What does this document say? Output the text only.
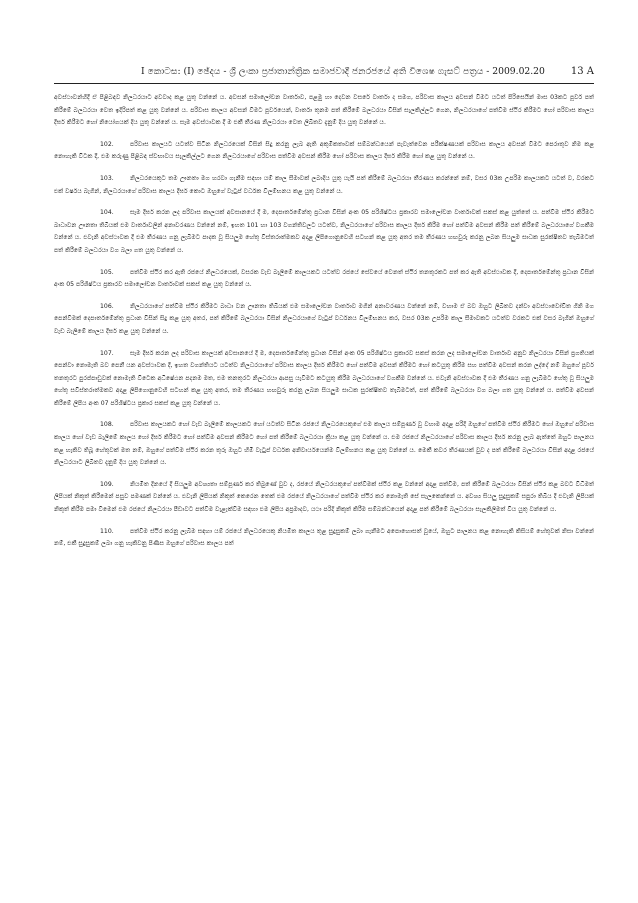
I කොටස: (I) ඡේදය - ශ්‍රී ලංකා ප්‍රජාතාන්ත්‍රික සමාජවාදී ජනරජයේ අති විශෙෂ ගැසට් පත්‍රය - 2009.02.20	13 A

අවස්ථාවන්හිදී ඒ පිළිබඳව නිලධරයාට අවවාද කළ යුතු වන්නේ ය. අවසන් සමාලෝචන වාර්තාව, පළමු හා දෙවන වසරේ වාර්තා ද සමග, පරිවාස කාලය අවසන් වීමට යටත් පිරිසෙයින් මාස 03කට පූර්ව පත් කිරීමේ බලධරයා වෙත ඉදිරිපත් කළ යුතු වන්නේ ය. පරිවාස කාලය අවසන් වීමට පූර්වයෙන්, වාර්තා තුනම පත් කිරීමේ බලධරයා විසින් සැලකිල්ලට ගෙන, නිලධරයාගේ පත්වීම ස්ථිර කිරීමට හෝ පරිවාස කාලය දීර්ඝ කිරීමට හෝ නියෝගයක් දිය යුතු වන්නේ ය. සෑම අවස්ථාවක දී ම එකී තීරණ නිලධරයා වෙත ලිඛිතව දැනුම් දිය යුතු වන්නේ ය.

102.	පරිවාස කාලයට යටත්ව සිටින නිලධරයෙක් විසින් සිදු කරනු ලැබ ඇති අකුමිකතාවක් සම්බන්ධයෙන් පැවැත්වෙන පරීක්ෂණයක් පරිවාස කාලය අවසන් වීමට පෙරාතුව නිම කළ නොහැකි විටක දී, එම කරුණු පිළිබඳ ස්වභාවය සැලකිල්ලට ගෙන නිලධරයාගේ පරිවාස පත්වීම අවසන් කිරීම හෝ පරිවාස කාලය දීර්ඝ කිරීම හෝ කළ යුතු වන්නේ ය.

103.	නිලධරයෙකුට තම ඌනතා මග හරවා ගැනීම සඳහා යම් කාල සීමාවක් ලබාදිය යුතු යැයි පත් කිරීමේ බලධරයා තීරණය කරන්නේ නම්, වසර 03ක උපරිම කාලයකට යටත් ව, වරකට එක් වර්ෂය බැගින්, නිලධරයාගේ පරිවාස කාලය දීර්ඝ කොට ඔහුගේ වැටුප් වර්ධක විලම්භනය කළ යුතු වන්නේ ය.

104.	සෑම දීර්ඝ කරන ලද පරිවාස කාලයක් අවසානයේ දී ම, දෙපාර්තමේන්තු ප්‍රධාන විසින් අංක 05 පරිශිෂ්ටය ප්‍රකාරව සමාලෝචන වාර්තාවක් සකස් කළ යුත්තේ ය. පත්වීම ස්ථිර කිරීමට බාධාවන ඌනතා තිබියක් එම වාර්තාවලින් අනාවරණය වන්නේ නම්, ඉහත 101 හා 103 වගන්තිවලට යටත්ව, නිලධරයාගේ පරිවාස කාලය දීර්ඝ කිරීම හෝ පත්වීම අවසන් කිරීම පත් කිරීමේ බලධරයාගේ වගකීම වන්නේ ය. එවැනි අවස්ථාවක දී එම තීරණය ගනු ලැබීමට පාදක වූ සියලුම හේතු විස්තරාත්මකව අදාළ ලිපිගොනුවෙහි සටහන් කළ යුතු අතර තම තීරණය හඟවුරු කරනු ලබන සියලුම සාධක සුරක්ෂිතව තැබීමටත් පත් කිරීමේ බලධරයා වග බලා ගත යුතු වන්නේ ය.

105.	පත්වීම ස්ථිර කර ඇති රජයේ නිලධරයෙක්, වසරක වැඩ බැලීමේ කාලයකට යටත්ව රජයේ සේවයේ වෙනත් ස්ථිර තනතුරකට පත් කර ඇති අවස්ථාවක දී, දෙපාර්තමේන්තු ප්‍රධාන විසින් අංක 05 පරිශිෂ්ටය ප්‍රකාරව සමාලෝචන වාර්තාවක් සකස් කළ යුතු වන්නේ ය.

106.	නිලධරයාගේ පත්වීම ස්ථිර කිරීමට බාධා වන ඌනතා තිබියක් එම සමාලෝචන වාර්තාව මගින් අනාවරණය වන්නේ නම්, වහාම ඒ බව ඔහුට ලිඛිතව දන්වා අවස්ථාවෝචිත ගිනි මග පෙන්වීමක් දෙපාර්තමේන්තු ප්‍රධාන විසින් සිදු කළ යුතු අතර, පත් කිරීමේ බලධරයා විසින් නිලධරයාගේ වැටුප් වර්ධනය විලම්භනය කර, වසර 03ක උපරිම කාල සීමාවකට යටත්ව වරකට එක් වසර බැගින් ඔහුගේ වැඩ බැලීමේ කාලය දීර්ඝ කළ යුතු වන්නේ ය.

107.	සෑම දීර්ඝ කරන ලද පරිවාස කාලයක් අවසානයේ දී ම, දෙපාර්තමේන්තු ප්‍රධාන විසින් අංක 05 පරිශිෂ්ටය ප්‍රකාරව සකස් කරන ලද සමාලෝචන වාර්තාව අනුව නිලධරයා විසින් ප්‍රගතියක් පෙන්වා නොමැති බව පෙනී යන අවස්ථාවක දී, ඉහත වගන්තියට යටත්ව නිලධරයාගේ පරිවාස කාලය දීර්ඝ කිරීමට හෝ පත්වීම අවසන් කිරීමට හෝ කටයුතු කිරීම සහ පත්වීම අවසන් කරන ලද්දේ නම් ඔහුගේ පූර්ව තනතුරට පුරප්පාඩුවක් නොමැති විටෙක අධිෂේඨන පදනම මත, එම තනතුරට නිලධරයා ආපසු යැවීමට කටයුතු කිරීම බලධරයාගේ වගකීම වන්නේ ය. එවැනි අවස්ථාවක දී එම තීරණය ගනු ලැබීමට හේතු වූ සියලුම හේතු සවිස්තරාත්මකව අදාළ ලිපිගොනුවෙහි සටහන් කළ යුතු අතර, තම තීරණය හඟවුරු කරනු ලබන සියලුම සාධක සුරක්ෂිතව තැබීමටත්, පත් කිරීමේ බලධරයා වග බලා ගත යුතු වන්නේ ය. පත්වීම අවසන් කිරීමේ ලිපිය අංක 07 පරිශිෂ්ටය ප්‍රකාර සකස් කළ යුතු වන්නේ ය.

108.	පරිවාස කාලයකට හෝ වැඩ බැලීමේ කාලයකට හෝ යටත්ව සිටින රජයේ නිලධරයෙකුගේ එම කාලය සම්පූර්ණ වූ වහාම අදාළ පරිදි ඔහුගේ පත්වීම ස්ථිර කිරීමට හෝ ඔහුගේ පරිවාස කාලය හෝ වැඩ බැලීමේ කාලය හෝ දීර්ඝ කිරීමට හෝ පත්වීම අවසන් කිරීමට හෝ පත් කිරීමේ බලධරයා ක්‍රියා කළ යුතු වන්නේ ය. එම රජයේ නිලධරයාගේ පරිවාස කාලය දීර්ඝ කරනු ලැබ ඇත්තේ ඔහුට පාලනය කළ හැකිව තිබූ හේතුවක් මත නම්, ඔහුගේ පත්වීම ස්ථිර කරන තුරු ඔහුට හිමි වැටුප් වර්ධක අනිවාර්යයෙන්ම විලම්භනය කළ යුතු වන්නේ ය. මෙකී කවර තීරණයක් වුව ද පත් කිරීමේ බලධරයා විසින් අදාළ රජයේ නිලධරයාට ලිඛිතව දැනුම් දිය යුතු වන්නේ ය.

109.	නියමිත දිනයේ දී සියලුම අවශ්‍යතා සම්පූර්ණ කර තිබුණේ වුව ද, රජයේ නිලධරයකුගේ පත්වීමක් ස්ථිර කළ වන්නේ අදාළ පත්වීම, පත් කිරීමේ බලධරයා විසින් ස්ථිර කළ බවට විධිමත් ලිපියක් නිකුත් කිරීමෙන් පසුව පමණක් වන්නේ ය. එවැනි ලිපියක් නිකුත් කෙරෙන තෙක් එම රජයේ නිලධරයාගේ පත්වීම ස්ථිර කර නොමැති සේ සැලකෙන්නේ ය. අවශ්‍ය සියලු සුදුසුකම් සපුරා තිබිය දී එවැනි ලිපියක් නිකුත් කිරීම පමා වීමෙන් එම රජයේ නිලධරයා පීඩාවට පත්වීම වැළැක්වීම සඳහා එම ලිපිය අප්‍රමාදව, යථා පරිදි නිකුත් කිරීම සම්බන්ධයෙන් අදාළ පත් කිරීමේ බලධරයා සැලකිලිමත් විය යුතු වන්නේ ය.

110.	පත්වීම ස්ථිර කරනු ලැබීම සඳහා යම් රජයේ නිලධරයෙකු නියමිත කාලය තුළ සුදුසුකම් ලබා ගැනීමට අපොහොසත් වූයේ, ඔහුට පාලනය කළ නොහැකි කිසියම් හේතුවක් නිසා වන්නේ නම්, එකී සුදුසුකම් ලබා ගනු හැකිවනු පිණිස ඔහුගේ පරිවාස කාලය පත්
